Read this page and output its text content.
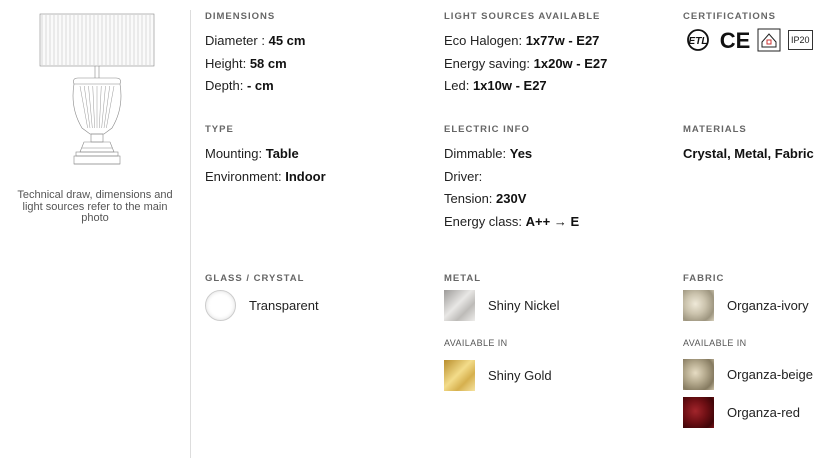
Technical draw, dimensions and light sources refer to the main photo
DIMENSIONS
Diameter : 45 cm
Height: 58 cm
Depth: - cm
LIGHT SOURCES AVAILABLE
Eco Halogen: 1x77w - E27
Energy saving: 1x20w - E27
Led: 1x10w - E27
CERTIFICATIONS
ETL CE	IP20
TYPE
Mounting: Table
Environment: Indoor
ELECTRIC INFO
Dimmable: Yes
Driver:
Tension: 230V
Energy class: A++ → E
MATERIALS
Crystal, Metal, Fabric
GLASS / CRYSTAL
Transparent
METAL
Shiny Nickel
AVAILABLE IN
Shiny Gold
FABRIC
Organza-ivory
AVAILABLE IN
Organza-beige
Organza-red
